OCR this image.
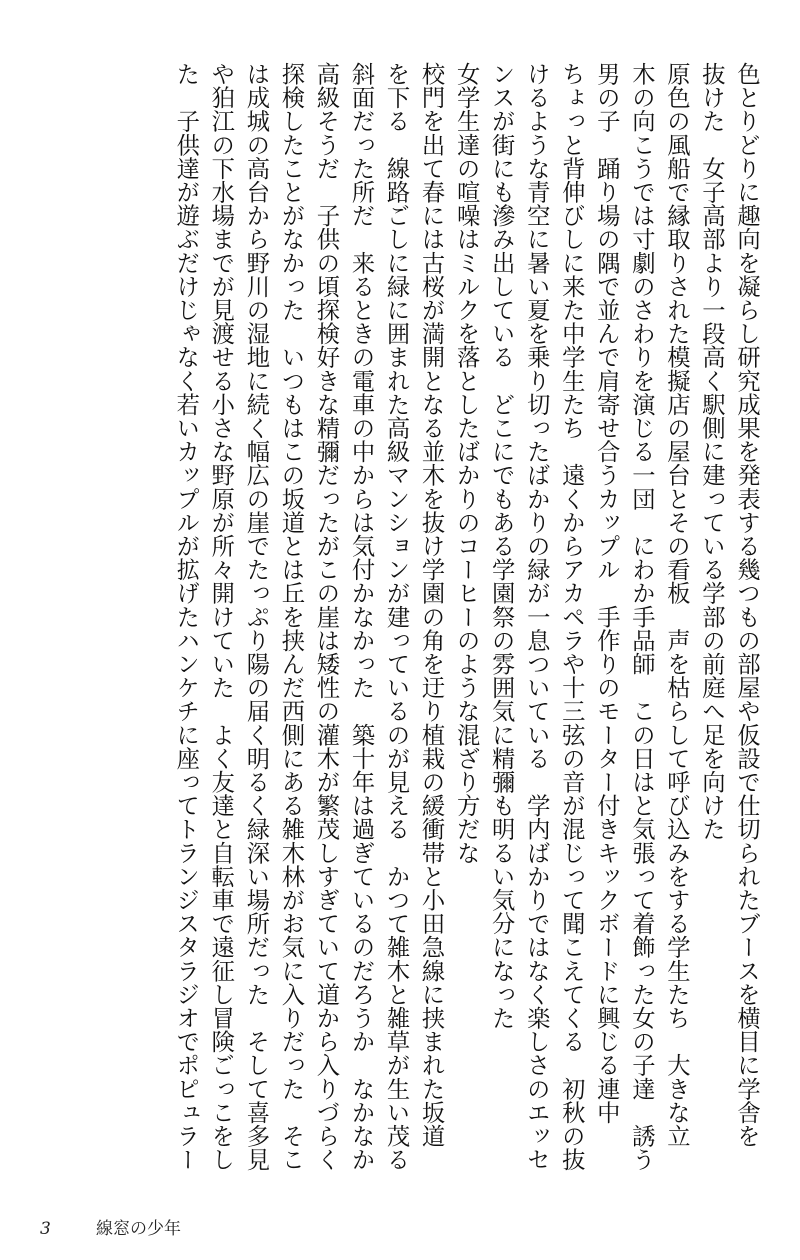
色とりどりに趣向を凝らし研究成果を発表する幾つもの部屋や仮設で仕切られたブースを横目に学舎を

抜けた　女子高部より一段高く駅側に建っている学部の前庭へ足を向けた

原色の風船で縁取りされた模擬店の屋台とその看板　声を枯らして呼び込みをする学生たち　大きな立

木の向こうでは寸劇のさわりを演じる一団　にわか手品師　この日はと気張って着飾った女の子達　誘う

男の子　踊り場の隅で並んで肩寄せ合うカップル　手作りのモーター付きキックボードに興じる連中

ちょっと背伸びしに来た中学生たち　遠くからアカペラや十三弦の音が混じって聞こえてくる　初秋の抜

けるような青空に暑い夏を乗り切ったばかりの緑が一息ついている　学内ばかりではなく楽しさのエッセ

ンスが街にも滲み出している　どこにでもある学園祭の雰囲気に精彌も明るい気分になった

女学生達の喧噪はミルクを落としたばかりのコーヒーのような混ざり方だな

校門を出て春には古桜が満開となる並木を抜け学園の角を迂り植栽の緩衝帯と小田急線に挟まれた坂道

を下る　線路ごしに緑に囲まれた高級マンションが建っているのが見える　かつて雑木と雑草が生い茂る

斜面だった所だ　来るときの電車の中からは気付かなかった　築十年は過ぎているのだろうか　なかなか

高級そうだ　子供の頃探検好きな精彌だったがこの崖は矮性の灌木が繁茂しすぎていて道から入りづらく

探検したことがなかった　いつもはこの坂道とは丘を挟んだ西側にある雑木林がお気に入りだった　そこ

は成城の高台から野川の湿地に続く幅広の崖でたっぷり陽の届く明るく緑深い場所だった　そして喜多見

や狛江の下水場までが見渡せる小さな野原が所々開けていた　よく友達と自転車で遠征し冒険ごっこをし

た　子供達が遊ぶだけじゃなく若いカップルが拡げたハンケチに座ってトランジスタラジオでポピュラー

3	線窓の少年
